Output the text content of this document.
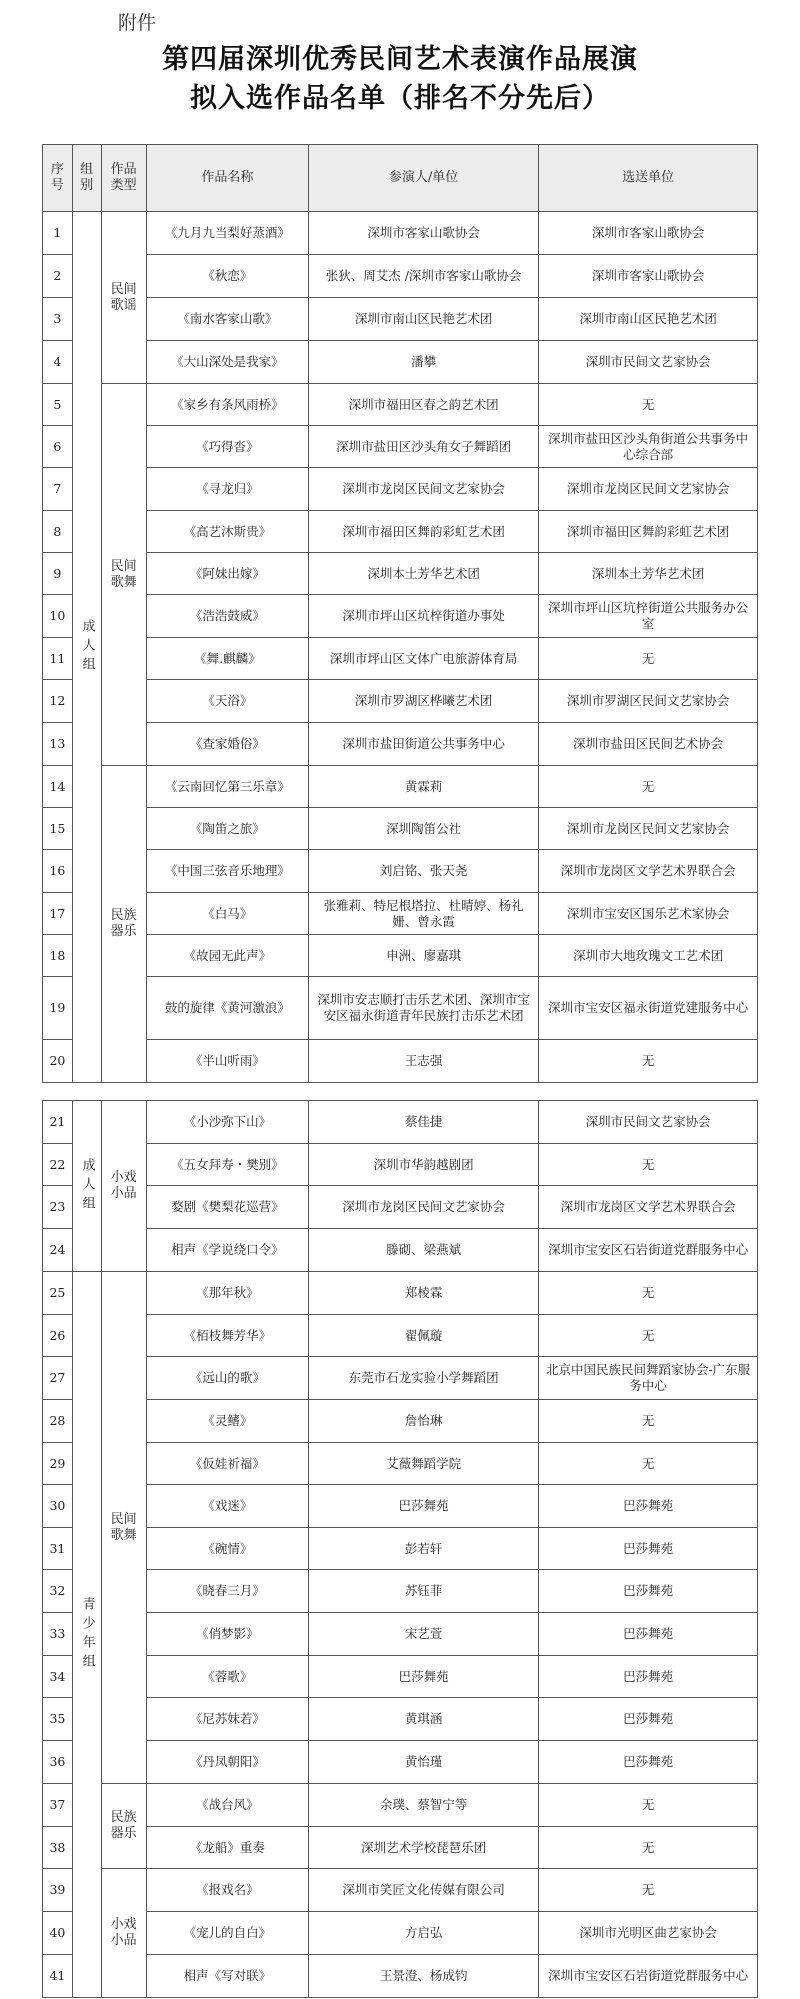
附件
第四届深圳优秀民间艺术表演作品展演
拟入选作品名单（排名不分先后）
序号	组别	作品类型	作品名称	参演人/单位	选送单位
1	成人组	民间歌谣	《九月九当梨好蒸酒》	深圳市客家山歌协会	深圳市客家山歌协会
2			《秋恋》	张狄、周艾杰 /深圳市客家山歌协会	深圳市客家山歌协会
3			《南水客家山歌》	深圳市南山区民艳艺术团	深圳市南山区民艳艺术团
4			《大山深处是我家》	潘攀	深圳市民间文艺家协会
5		民间歌舞	《家乡有条风雨桥》	深圳市福田区春之韵艺术团	无
6			《巧得沓》	深圳市盐田区沙头角女子舞蹈团	深圳市盐田区沙头角街道公共事务中心综合部
7			《寻龙归》	深圳市龙岗区民间文艺家协会	深圳市龙岗区民间文艺家协会
8			《高艺沐斯贵》	深圳市福田区舞韵彩虹艺术团	深圳市福田区舞韵彩虹艺术团
9			《阿妹出嫁》	深圳本土芳华艺术团	深圳本土芳华艺术团
10			《浩浩鼓威》	深圳市坪山区坑梓街道办事处	深圳市坪山区坑梓街道公共服务办公室
11			《舞.麒麟》	深圳市坪山区文体广电旅游体育局	无
12			《天浴》	深圳市罗湖区桦曦艺术团	深圳市罗湖区民间文艺家协会
13			《查家婚俗》	深圳市盐田街道公共事务中心	深圳市盐田区民间艺术协会
14		民族器乐	《云南回忆第三乐章》	黄霖莉	无
15			《陶笛之旅》	深圳陶笛公社	深圳市龙岗区民间文艺家协会
16			《中国三弦音乐地理》	刘启铭、张天尧	深圳市龙岗区文学艺术界联合会
17			《白马》	张雅莉、特尼根塔拉、杜晴婷、杨礼姗、曾永霞	深圳市宝安区国乐艺术家协会
18			《故园无此声》	申洲、廖嘉琪	深圳市大地玫瑰文工艺术团
19			鼓的旋律《黄河激浪》	深圳市安志顺打击乐艺术团、深圳市宝安区福永街道青年民族打击乐艺术团	深圳市宝安区福永街道党建服务中心
20			《半山听雨》	王志强	无
21	成人组	小戏小品	《小沙弥下山》	蔡佳捷	深圳市民间文艺家协会
22			《五女拜寿・樊别》	深圳市华韵越剧团	无
23			婺剧《樊梨花巡营》	深圳市龙岗区民间文艺家协会	深圳市龙岗区文学艺术界联合会
24			相声《学说绕口令》	滕砌、梁燕斌	深圳市宝安区石岩街道党群服务中心
25	青少年组	民间歌舞	《那年秋》	郑棱霖	无
26			《栢枝舞芳华》	翟佩璇	无
27			《远山的歌》	东莞市石龙实验小学舞蹈团	北京中国民族民间舞蹈家协会-广东服务中心
28			《灵鳍》	詹怡琳	无
29			《仮娃祈福》	艾薇舞蹈学院	无
30			《戏迷》	巴莎舞苑	巴莎舞苑
31			《碗情》	彭若轩	巴莎舞苑
32			《晓春三月》	苏钰菲	巴莎舞苑
33			《俏梦影》	宋艺萱	巴莎舞苑
34			《蓉歌》	巴莎舞苑	巴莎舞苑
35			《尼苏妹若》	黄琪涵	巴莎舞苑
36			《丹凤朝阳》	黄怡瑾	巴莎舞苑
37		民族器乐	《战台风》	余璞、蔡智宁等	无
38			《龙船》重奏	深圳艺术学校琵琶乐团	无
39		小戏小品	《报戏名》	深圳市笑匠文化传媒有限公司	无
40			《宠儿的自白》	方启弘	深圳市光明区曲艺家协会
41			相声《写对联》	王景澄、杨成钧	深圳市宝安区石岩街道党群服务中心
